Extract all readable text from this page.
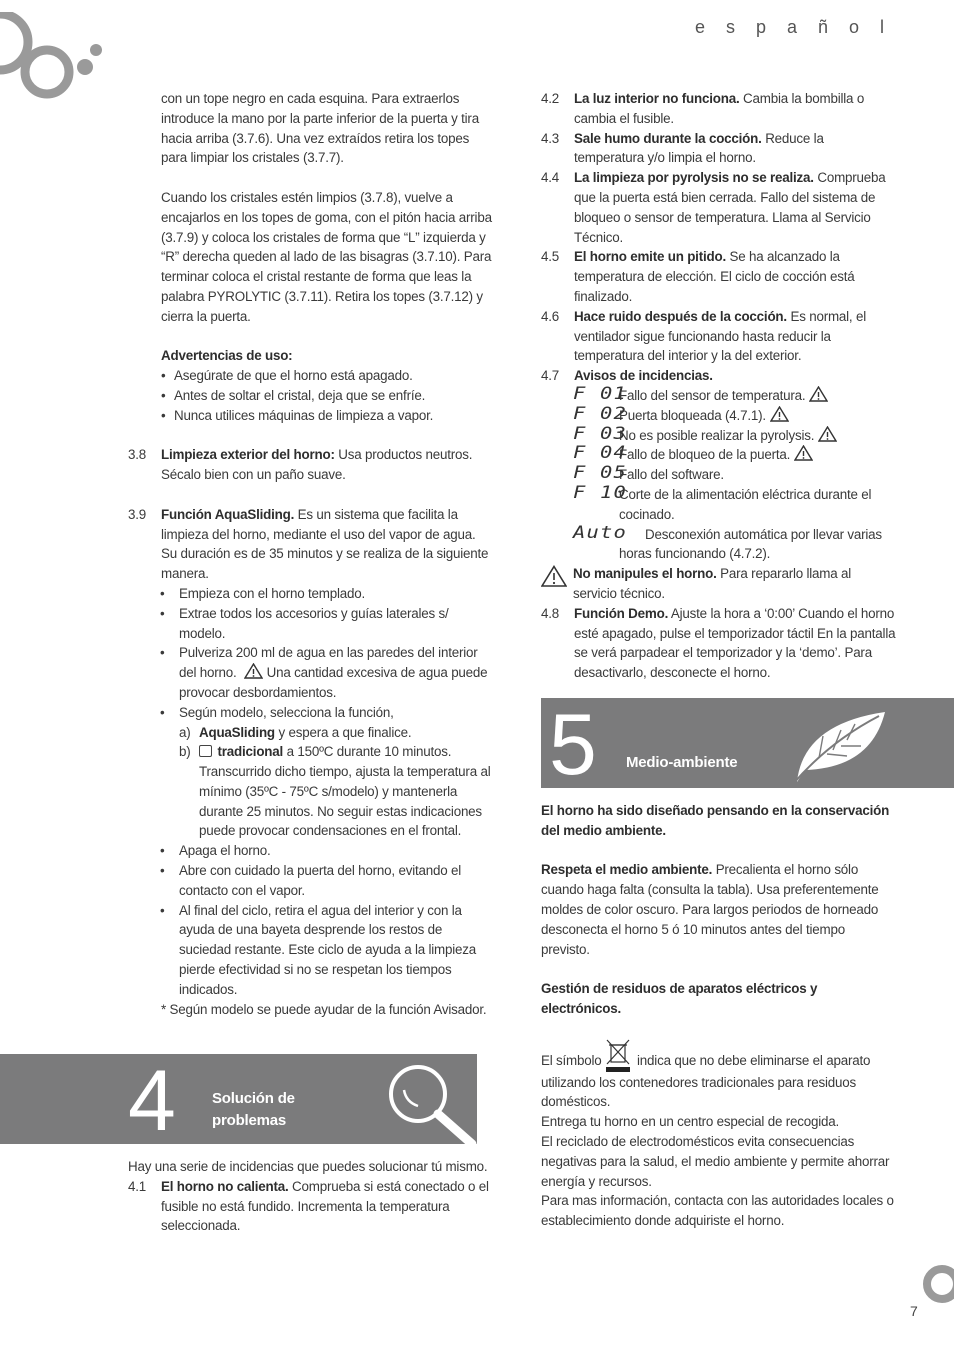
e s p a ñ o l
con un tope negro en cada esquina. Para extraerlos introduce la mano por la parte inferior de la puerta y tira hacia arriba (3.7.6). Una vez extraídos retira los topes para limpiar los cristales (3.7.7).
Cuando los cristales estén limpios (3.7.8), vuelve a encajarlos en los topes de goma, con el pitón hacia arriba (3.7.9) y coloca los cristales de forma que “L” izquierda y “R” derecha queden al lado de las bisagras (3.7.10). Para terminar coloca el cristal restante de forma que leas la palabra PYROLYTIC (3.7.11). Retira los topes (3.7.12) y cierra la puerta.
Advertencias de uso:
• Asegúrate de que el horno está apagado.
• Antes de soltar el cristal, deja que se enfríe.
• Nunca utilices máquinas de limpieza a vapor.
3.8 Limpieza exterior del horno: Usa productos neutros. Sécalo bien con un paño suave.
3.9 Función AquaSliding. Es un sistema que facilita la limpieza del horno, mediante el uso del vapor de agua. Su duración es de 35 minutos y se realiza de la siguiente manera.
• Empieza con el horno templado.
• Extrae todos los accesorios y guías laterales s/ modelo.
• Pulveriza 200 ml de agua en las paredes del interior del horno.  Una cantidad excesiva de agua puede provocar desbordamientos.
• Según modelo, selecciona la función,
a) AquaSliding y espera a que finalice.
b) tradicional a 150ºC durante 10 minutos. Transcurrido dicho tiempo, ajusta la temperatura al mínimo (35ºC - 75ºC s/modelo) y mantenerla durante 25 minutos. No seguir estas indicaciones puede provocar condensaciones en el frontal.
• Apaga el horno.
• Abre con cuidado la puerta del horno, evitando el contacto con el vapor.
• Al final del ciclo, retira el agua del interior y con la ayuda de una bayeta desprende los restos de suciedad restante. Este ciclo de ayuda a la limpieza pierde efectividad si no se respetan los tiempos indicados.
* Según modelo se puede ayudar de la función Avisador.
4 Solución de problemas
Hay una serie de incidencias que puedes solucionar tú mismo.
4.1 El horno no calienta. Comprueba si está conectado o el fusible no está fundido. Incrementa la temperatura seleccionada.
4.2 La luz interior no funciona. Cambia la bombilla o cambia el fusible.
4.3 Sale humo durante la cocción. Reduce la temperatura y/o limpia el horno.
4.4 La limpieza por pyrolysis no se realiza. Comprueba que la puerta está bien cerrada. Fallo del sistema de bloqueo o sensor de temperatura. Llama al Servicio Técnico.
4.5 El horno emite un pitido. Se ha alcanzado la temperatura de elección. El ciclo de cocción está finalizado.
4.6 Hace ruido después de la cocción. Es normal, el ventilador sigue funcionando hasta reducir la temperatura del interior y la del exterior.
4.7 Avisos de incidencias.
F 01
Fallo del sensor de temperatura.
F 02
Puerta bloqueada (4.7.1).
F 03
No es posible realizar la pyrolysis.
F 04
Fallo de bloqueo de la puerta.
F 05
Fallo del software.
F 10
Corte de la alimentación eléctrica durante el cocinado.
Auto Desconexión automática por llevar varias horas funcionando (4.7.2).
No manipules el horno. Para repararlo llama al servicio técnico.
4.8 Función Demo. Ajuste la hora a ‘0:00’ Cuando el horno esté apagado, pulse el temporizador táctil En la pantalla se verá parpadear el temporizador y la ‘demo’. Para desactivarlo, desconecte el horno.
5 Medio-ambiente
El horno ha sido diseñado pensando en la conservación del medio ambiente.
Respeta el medio ambiente. Precalienta el horno sólo cuando haga falta (consulta la tabla). Usa preferentemente moldes de color oscuro. Para largos periodos de horneado desconecta el horno 5 ó 10 minutos antes del tiempo previsto.
Gestión de residuos de aparatos eléctricos y electrónicos.
El símbolo indica que no debe eliminarse el aparato utilizando los contenedores tradicionales para residuos domésticos.
Entrega tu horno en un centro especial de recogida.
El reciclado de electrodomésticos evita consecuencias negativas para la salud, el medio ambiente y permite ahorrar energía y recursos.
Para mas información, contacta con las autoridades locales o establecimiento donde adquiriste el horno.
7
